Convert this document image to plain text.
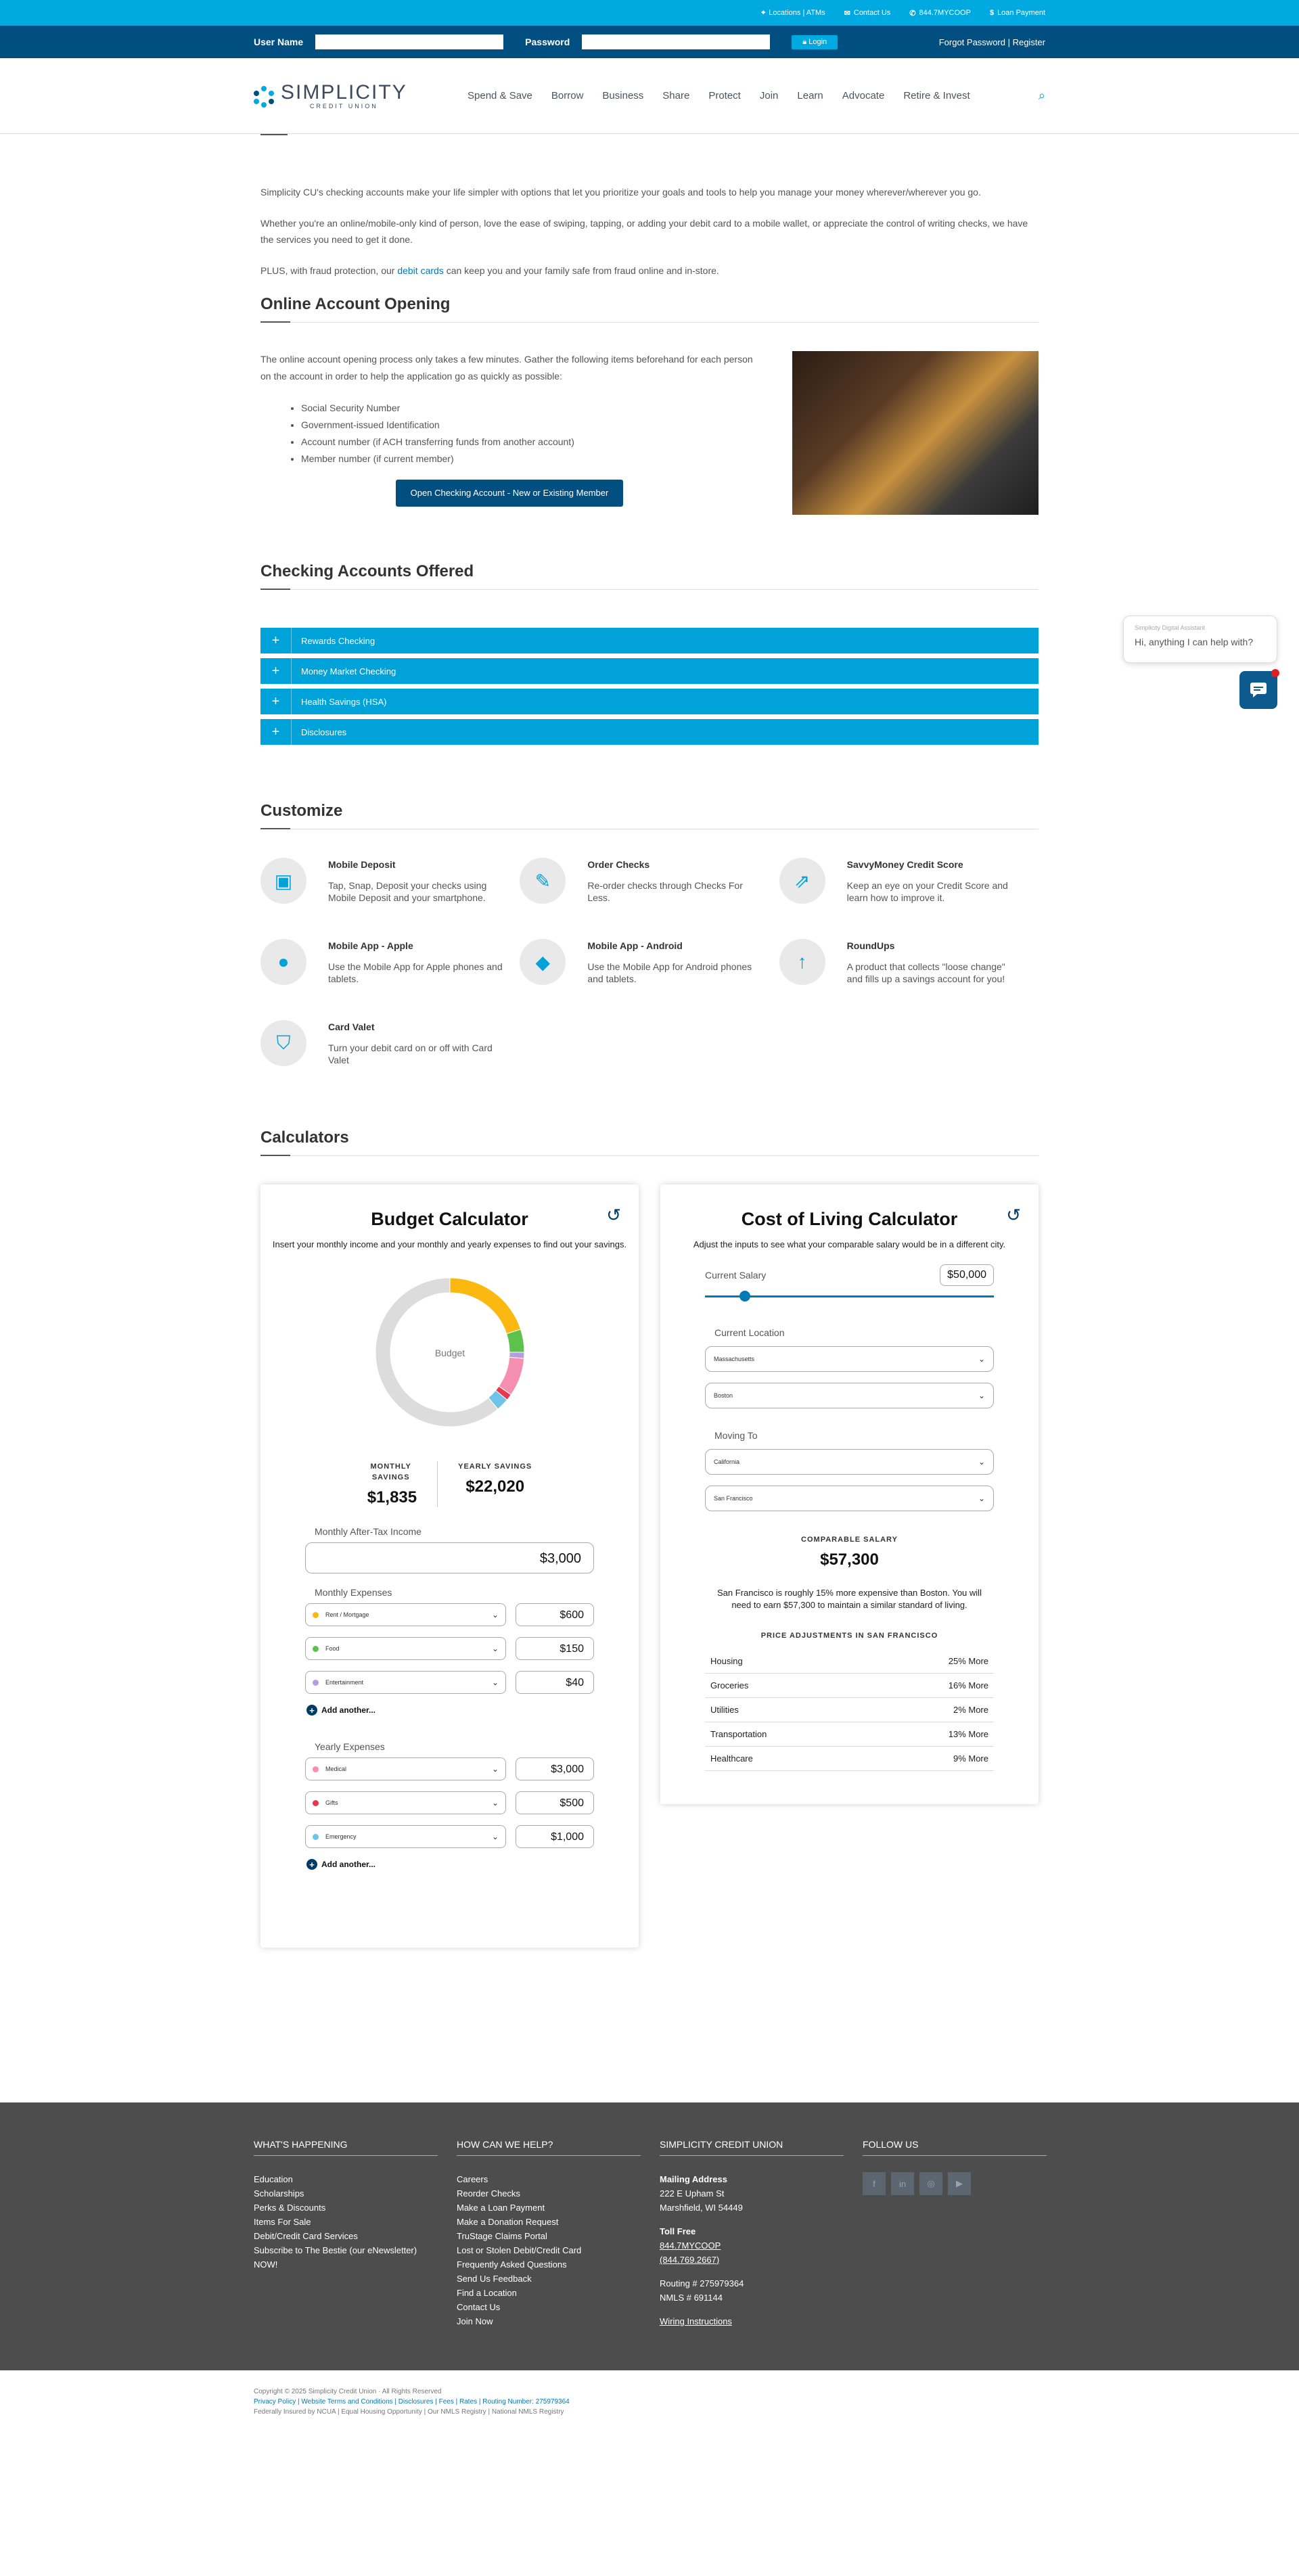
⌖ Locations | ATMs	✉ Contact Us	✆ 844.7MYCOOP	$ Loan Payment
User Name	Password	🔒︎ Login	Forgot Password | Register
SIMPLICITY
CREDIT UNION
Spend & Save Borrow Business Share Protect Join Learn Advocate Retire & Invest	⌕

Simplicity CU's checking accounts make your life simpler with options that let you prioritize your goals and tools to help you manage your money wherever/wherever you go.

Whether you're an online/mobile-only kind of person, love the ease of swiping, tapping, or adding your debit card to a mobile wallet, or appreciate the control of writing checks, we have the services you need to get it done.

PLUS, with fraud protection, our debit cards can keep you and your family safe from fraud online and in-store.

Online Account Opening

The online account opening process only takes a few minutes. Gather the following items beforehand for each person on the account in order to help the application go as quickly as possible:

• Social Security Number
• Government-issued Identification
• Account number (if ACH transferring funds from another account)
• Member number (if current member)
Open Checking Account - New or Existing Member
Checking Accounts Offered
+	Rewards Checking
+	Money Market Checking
+	Health Savings (HSA)
+	Disclosures
Customize
▣
Mobile Deposit

Tap, Snap, Deposit your checks using Mobile Deposit and your smartphone.

✎
Order Checks

Re-order checks through Checks For Less.

⇗
SavvyMoney Credit Score

Keep an eye on your Credit Score and learn how to improve it.

●
Mobile App - Apple

Use the Mobile App for Apple phones and tablets.

◆
Mobile App - Android

Use the Mobile App for Android phones and tablets.

↑
RoundUps

A product that collects "loose change" and fills up a savings account for you!

⛉
Card Valet

Turn your debit card on or off with Card Valet

Calculators
Budget Calculator	↺
Insert your monthly income and your monthly and yearly expenses to find out your savings.
Budget
MONTHLY SAVINGS
$1,835
YEARLY SAVINGS
$22,020
Monthly After-Tax Income
$3,000
Monthly Expenses
Rent / Mortgage	⌄	$600
Food	⌄	$150
Entertainment	⌄	$40
+ Add another...
Yearly Expenses
Medical	⌄	$3,000
Gifts	⌄	$500
Emergency	⌄	$1,000
+ Add another...
Cost of Living Calculator	↺
Adjust the inputs to see what your comparable salary would be in a different city.
Current Salary	$50,000
Current Location
Massachusetts	⌄
Boston	⌄
Moving To
California	⌄
San Francisco	⌄
COMPARABLE SALARY
$57,300
San Francisco is roughly 15% more expensive than Boston. You will need to earn $57,300 to maintain a similar standard of living.
PRICE ADJUSTMENTS IN SAN FRANCISCO
Housing	25% More
Groceries	16% More
Utilities	2% More
Transportation	13% More
Healthcare	9% More
Simplicity Digital Assistant
Hi, anything I can help with?
WHAT'S HAPPENING
Education
Scholarships
Perks & Discounts
Items For Sale
Debit/Credit Card Services
Subscribe to The Bestie (our eNewsletter)
NOW!
HOW CAN WE HELP?
Careers
Reorder Checks
Make a Loan Payment
Make a Donation Request
TruStage Claims Portal
Lost or Stolen Debit/Credit Card
Frequently Asked Questions
Send Us Feedback
Find a Location
Contact Us
Join Now
SIMPLICITY CREDIT UNION
Mailing Address
222 E Upham St
Marshfield, WI 54449
Toll Free
844.7MYCOOP
(844.769.2667)
Routing # 275979364
NMLS # 691144
Wiring Instructions
FOLLOW US
f	in	◎	▶
Copyright © 2025 Simplicity Credit Union · All Rights Reserved
Privacy Policy | Website Terms and Conditions | Disclosures | Fees | Rates | Routing Number: 275979364
Federally Insured by NCUA | Equal Housing Opportunity | Our NMLS Registry | National NMLS Registry
